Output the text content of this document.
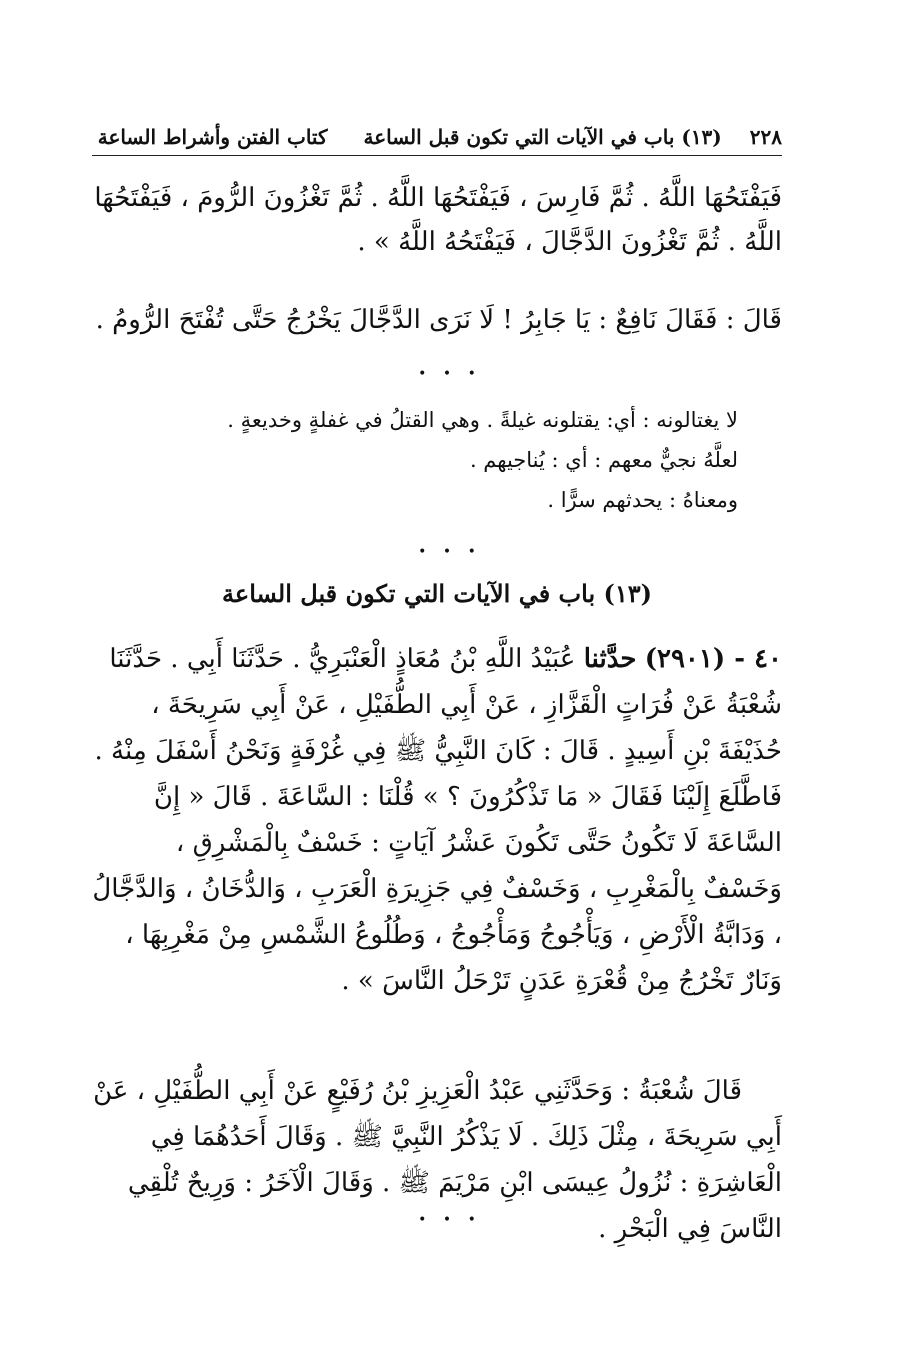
٢٢٨
(١٣) باب في الآيات التي تكون قبل الساعة
كتاب الفتن وأشراط الساعة

فَيَفْتَحُهَا اللَّهُ . ثُمَّ فَارِسَ ، فَيَفْتَحُهَا اللَّهُ . ثُمَّ تَغْزُونَ الرُّومَ ، فَيَفْتَحُهَا اللَّهُ . ثُمَّ تَغْزُونَ الدَّجَّالَ ، فَيَفْتَحُهُ اللَّهُ » .

قَالَ : فَقَالَ نَافِعٌ : يَا جَابِرُ ! لَا نَرَى الدَّجَّالَ يَخْرُجُ حَتَّى تُفْتَحَ الرُّومُ .

• • •

لا يغتالونه : أي: يقتلونه غيلةً . وهي القتلُ في غفلةٍ وخديعةٍ .

لعلَّهُ نجيٌّ معهم : أي : يُناجيهم .

ومعناهُ : يحدثهم سرًّا .

• • •
(١٣) باب في الآيات التي تكون قبل الساعة

٤٠ - (٢٩٠١) حدَّثنا عُبَيْدُ اللَّهِ بْنُ مُعَاذٍ الْعَنْبَرِيُّ . حَدَّثَنَا أَبِي . حَدَّثَنَا شُعْبَةُ عَنْ فُرَاتٍ الْقَزَّازِ ، عَنْ أَبِي الطُّفَيْلِ ، عَنْ أَبِي سَرِيحَةَ ، حُذَيْفَةَ بْنِ أَسِيدٍ . قَالَ : كَانَ النَّبِيُّ ﷺ فِي غُرْفَةٍ وَنَحْنُ أَسْفَلَ مِنْهُ . فَاطَّلَعَ إِلَيْنَا فَقَالَ « مَا تَذْكُرُونَ ؟ » قُلْنَا : السَّاعَةَ . قَالَ « إِنَّ السَّاعَةَ لَا تَكُونُ حَتَّى تَكُونَ عَشْرُ آيَاتٍ : خَسْفٌ بِالْمَشْرِقِ ، وَخَسْفٌ بِالْمَغْرِبِ ، وَخَسْفٌ فِي جَزِيرَةِ الْعَرَبِ ، وَالدُّخَانُ ، وَالدَّجَّالُ ، وَدَابَّةُ الْأَرْضِ ، وَيَأْجُوجُ وَمَأْجُوجُ ، وَطُلُوعُ الشَّمْسِ مِنْ مَغْرِبِهَا ، وَنَارٌ تَخْرُجُ مِنْ قُعْرَةِ عَدَنٍ تَرْحَلُ النَّاسَ » .

قَالَ شُعْبَةُ : وَحَدَّثَنِي عَبْدُ الْعَزِيزِ بْنُ رُفَيْعٍ عَنْ أَبِي الطُّفَيْلِ ، عَنْ أَبِي سَرِيحَةَ ، مِثْلَ ذَلِكَ . لَا يَذْكُرُ النَّبِيَّ ﷺ . وَقَالَ أَحَدُهُمَا فِي الْعَاشِرَةِ : نُزُولُ عِيسَى ابْنِ مَرْيَمَ ﷺ . وَقَالَ الْآخَرُ : وَرِيحٌ تُلْقِي النَّاسَ فِي الْبَحْرِ .

• • •
